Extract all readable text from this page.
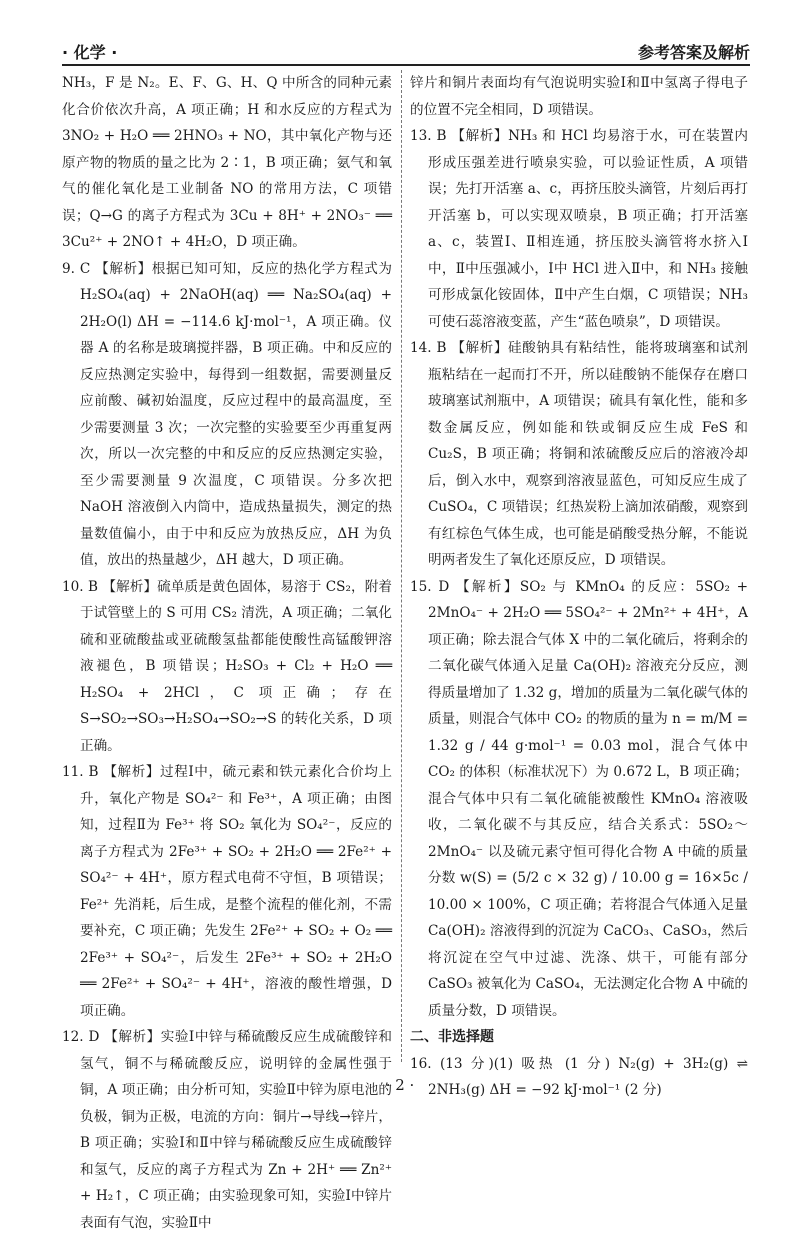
· 化学 ·	参考答案及解析

NH₃，F 是 N₂。E、F、G、H、Q 中所含的同种元素化合价依次升高，A 项正确；H 和水反应的方程式为 3NO₂ + H₂O ══ 2HNO₃ + NO，其中氧化产物与还原产物的物质的量之比为 2∶1，B 项正确；氨气和氧气的催化氧化是工业制备 NO 的常用方法，C 项错误；Q→G 的离子方程式为 3Cu + 8H⁺ + 2NO₃⁻ ══ 3Cu²⁺ + 2NO↑ + 4H₂O，D 项正确。

9. C 【解析】根据已知可知，反应的热化学方程式为 H₂SO₄(aq) + 2NaOH(aq) ══ Na₂SO₄(aq) + 2H₂O(l) ΔH = −114.6 kJ·mol⁻¹，A 项正确。仪器 A 的名称是玻璃搅拌器，B 项正确。中和反应的反应热测定实验中，每得到一组数据，需要测量反应前酸、碱初始温度，反应过程中的最高温度，至少需要测量 3 次；一次完整的实验要至少再重复两次，所以一次完整的中和反应的反应热测定实验，至少需要测量 9 次温度，C 项错误。分多次把 NaOH 溶液倒入内筒中，造成热量损失，测定的热量数值偏小，由于中和反应为放热反应，ΔH 为负值，放出的热量越少，ΔH 越大，D 项正确。

10. B 【解析】硫单质是黄色固体，易溶于 CS₂，附着于试管壁上的 S 可用 CS₂ 清洗，A 项正确；二氧化硫和亚硫酸盐或亚硫酸氢盐都能使酸性高锰酸钾溶液褪色，B 项错误；H₂SO₃ + Cl₂ + H₂O ══ H₂SO₄ + 2HCl，C 项正确；存在 S→SO₂→SO₃→H₂SO₄→SO₂→S 的转化关系，D 项正确。

11. B 【解析】过程Ⅰ中，硫元素和铁元素化合价均上升，氧化产物是 SO₄²⁻ 和 Fe³⁺，A 项正确；由图知，过程Ⅱ为 Fe³⁺ 将 SO₂ 氧化为 SO₄²⁻，反应的离子方程式为 2Fe³⁺ + SO₂ + 2H₂O ══ 2Fe²⁺ + SO₄²⁻ + 4H⁺，原方程式电荷不守恒，B 项错误；Fe²⁺ 先消耗，后生成，是整个流程的催化剂，不需要补充，C 项正确；先发生 2Fe²⁺ + SO₂ + O₂ ══ 2Fe³⁺ + SO₄²⁻，后发生 2Fe³⁺ + SO₂ + 2H₂O ══ 2Fe²⁺ + SO₄²⁻ + 4H⁺，溶液的酸性增强，D 项正确。

12. D 【解析】实验Ⅰ中锌与稀硫酸反应生成硫酸锌和氢气，铜不与稀硫酸反应，说明锌的金属性强于铜，A 项正确；由分析可知，实验Ⅱ中锌为原电池的负极，铜为正极，电流的方向：铜片→导线→锌片，B 项正确；实验Ⅰ和Ⅱ中锌与稀硫酸反应生成硫酸锌和氢气，反应的离子方程式为 Zn + 2H⁺ ══ Zn²⁺ + H₂↑，C 项正确；由实验现象可知，实验Ⅰ中锌片表面有气泡，实验Ⅱ中

锌片和铜片表面均有气泡说明实验Ⅰ和Ⅱ中氢离子得电子的位置不完全相同，D 项错误。

13. B 【解析】NH₃ 和 HCl 均易溶于水，可在装置内形成压强差进行喷泉实验，可以验证性质，A 项错误；先打开活塞 a、c，再挤压胶头滴管，片刻后再打开活塞 b，可以实现双喷泉，B 项正确；打开活塞 a、c，装置Ⅰ、Ⅱ相连通，挤压胶头滴管将水挤入Ⅰ中，Ⅱ中压强减小，Ⅰ中 HCl 进入Ⅱ中，和 NH₃ 接触可形成氯化铵固体，Ⅱ中产生白烟，C 项错误；NH₃ 可使石蕊溶液变蓝，产生“蓝色喷泉”，D 项错误。

14. B 【解析】硅酸钠具有粘结性，能将玻璃塞和试剂瓶粘结在一起而打不开，所以硅酸钠不能保存在磨口玻璃塞试剂瓶中，A 项错误；硫具有氧化性，能和多数金属反应，例如能和铁或铜反应生成 FeS 和 Cu₂S，B 项正确；将铜和浓硫酸反应后的溶液冷却后，倒入水中，观察到溶液显蓝色，可知反应生成了 CuSO₄，C 项错误；红热炭粉上滴加浓硝酸，观察到有红棕色气体生成，也可能是硝酸受热分解，不能说明两者发生了氧化还原反应，D 项错误。

15. D 【解析】SO₂ 与 KMnO₄ 的反应：5SO₂ + 2MnO₄⁻ + 2H₂O ══ 5SO₄²⁻ + 2Mn²⁺ + 4H⁺，A 项正确；除去混合气体 X 中的二氧化硫后，将剩余的二氧化碳气体通入足量 Ca(OH)₂ 溶液充分反应，测得质量增加了 1.32 g，增加的质量为二氧化碳气体的质量，则混合气体中 CO₂ 的物质的量为 n = m/M = 1.32 g / 44 g·mol⁻¹ = 0.03 mol，混合气体中 CO₂ 的体积（标准状况下）为 0.672 L，B 项正确；混合气体中只有二氧化硫能被酸性 KMnO₄ 溶液吸收，二氧化碳不与其反应，结合关系式：5SO₂～2MnO₄⁻ 以及硫元素守恒可得化合物 A 中硫的质量分数 w(S) = (5/2 c × 32 g) / 10.00 g = 16×5c / 10.00 × 100%，C 项正确；若将混合气体通入足量 Ca(OH)₂ 溶液得到的沉淀为 CaCO₃、CaSO₃，然后将沉淀在空气中过滤、洗涤、烘干，可能有部分 CaSO₃ 被氧化为 CaSO₄，无法测定化合物 A 中硫的质量分数，D 项错误。

二、非选择题

16. (13 分)(1) 吸热 (1 分) N₂(g) + 3H₂(g) ⇌ 2NH₃(g) ΔH = −92 kJ·mol⁻¹ (2 分)

· 2 ·
